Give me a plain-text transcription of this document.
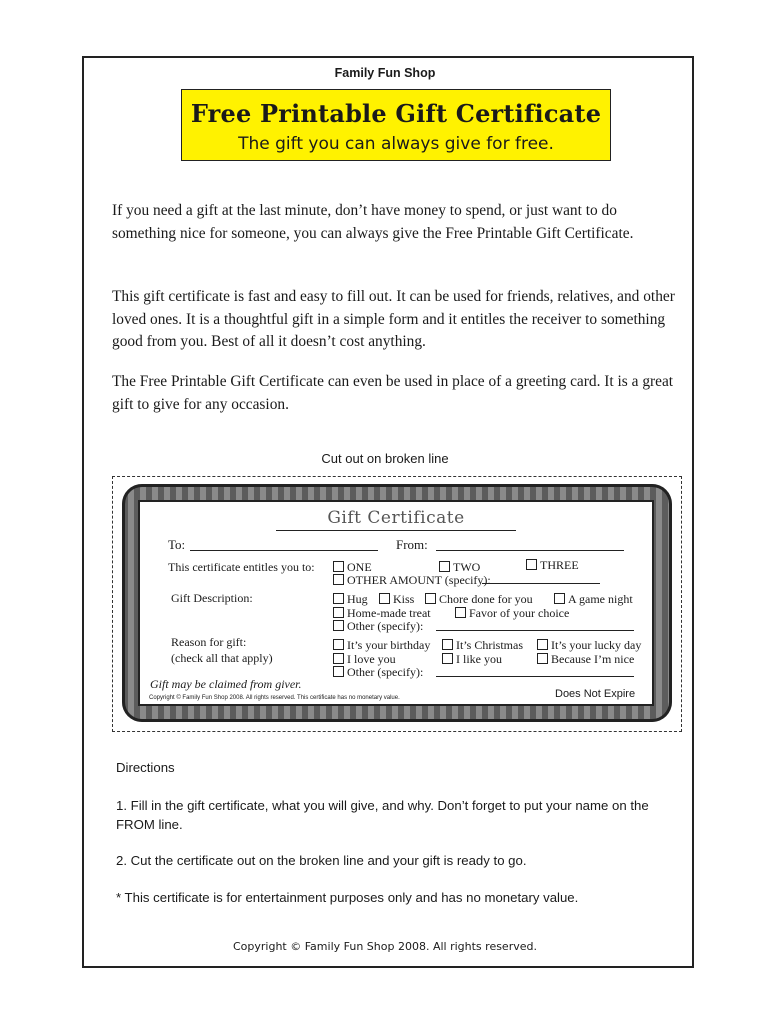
Family Fun Shop
Free Printable Gift Certificate
The gift you can always give for free.

If you need a gift at the last minute, don’t have money to spend, or just want to do something nice for someone, you can always give the Free Printable Gift Certificate.

This gift certificate is fast and easy to fill out. It can be used for friends, relatives, and other loved ones. It is a thoughtful gift in a simple form and it entitles the receiver to something good from you. Best of all it doesn’t cost anything.

The Free Printable Gift Certificate can even be used in place of a greeting card. It is a great gift to give for any occasion.

Cut out on broken line
Gift Certificate
To:	From:
This certificate entitles you to:	ONE	TWO	THREE
OTHER AMOUNT (specify):
Gift Description:	Hug	Kiss	Chore done for you	A game night
Home-made treat	Favor of your choice
Other (specify):
Reason for gift:
(check all that apply)
It’s your birthday	It’s Christmas	It’s your lucky day
I love you	I like you	Because I’m nice
Other (specify):
Gift may be claimed from giver.
Copyright © Family Fun Shop 2008. All rights reserved. This certificate has no monetary value.	Does Not Expire

Directions

1. Fill in the gift certificate, what you will give, and why. Don’t forget to put your name on the FROM line.

2. Cut the certificate out on the broken line and your gift is ready to go.

* This certificate is for entertainment purposes only and has no monetary value.

Copyright © Family Fun Shop 2008. All rights reserved.
